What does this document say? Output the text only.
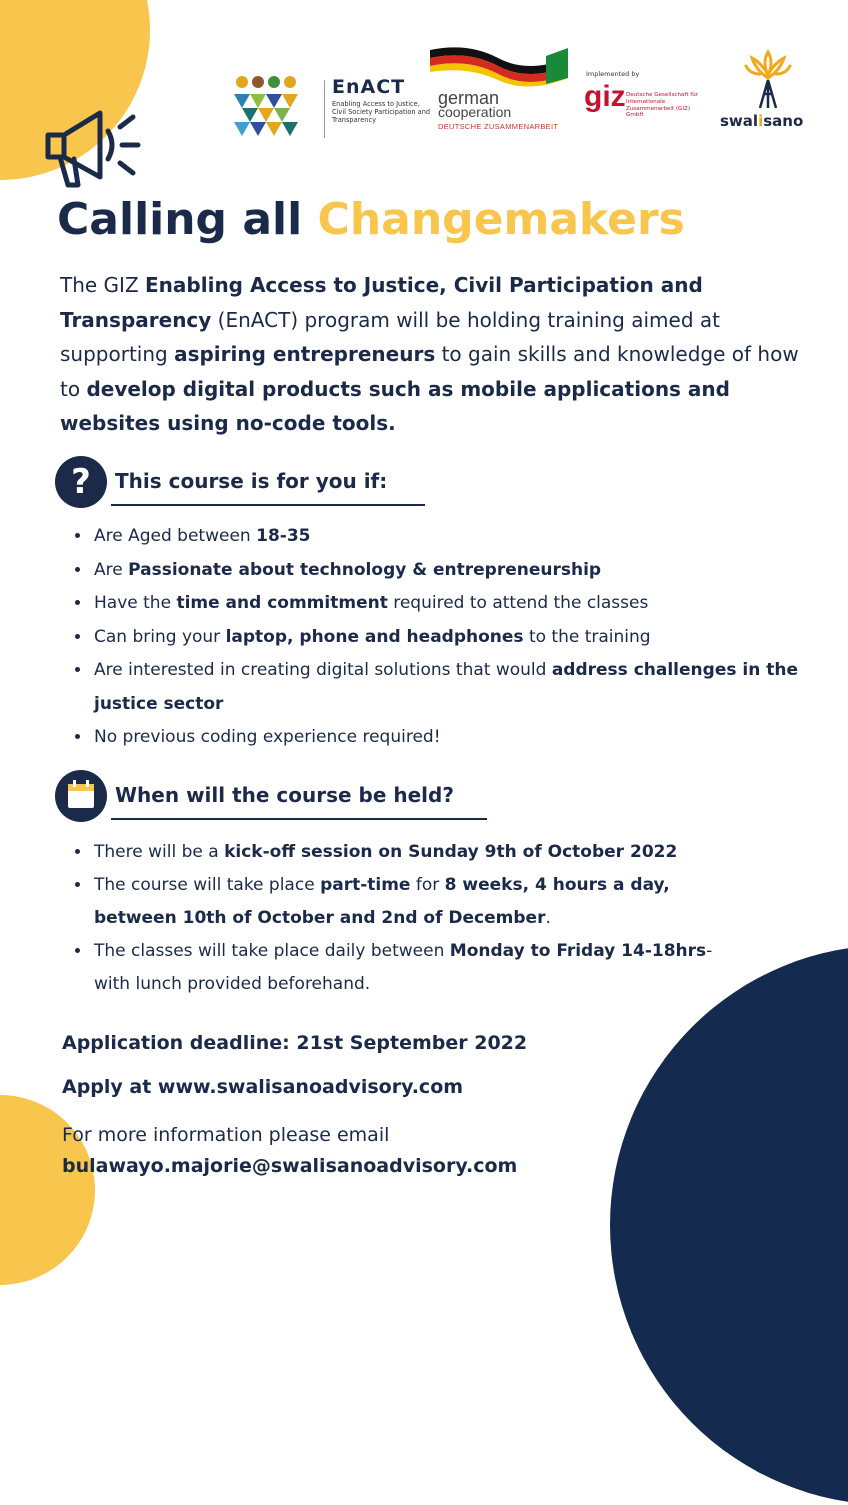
EnACT
Enabling Access to Justice, Civil Society Participation and Transparency
german
cooperation
DEUTSCHE ZUSAMMENARBEIT
Implemented by
giz Deutsche Gesellschaft für Internationale Zusammenarbeit (GIZ) GmbH	swalisano
Calling all Changemakers

The GIZ Enabling Access to Justice, Civil Participation and Transparency (EnACT) program will be holding training aimed at supporting aspiring entrepreneurs to gain skills and knowledge of how to develop digital products such as mobile applications and websites using no-code tools.

? This course is for you if:
• Are Aged between 18-35
• Are Passionate about technology & entrepreneurship
• Have the time and commitment required to attend the classes
• Can bring your laptop, phone and headphones to the training
• Are interested in creating digital solutions that would address challenges in the justice sector
• No previous coding experience required!
When will the course be held?
• There will be a kick-off session on Sunday 9th of October 2022
• The course will take place part-time for 8 weeks, 4 hours a day, between 10th of October and 2nd of December.
• The classes will take place daily between Monday to Friday 14-18hrs- with lunch provided beforehand.
Application deadline: 21st September 2022
Apply at www.swalisanoadvisory.com
For more information please email
bulawayo.majorie@swalisanoadvisory.com
